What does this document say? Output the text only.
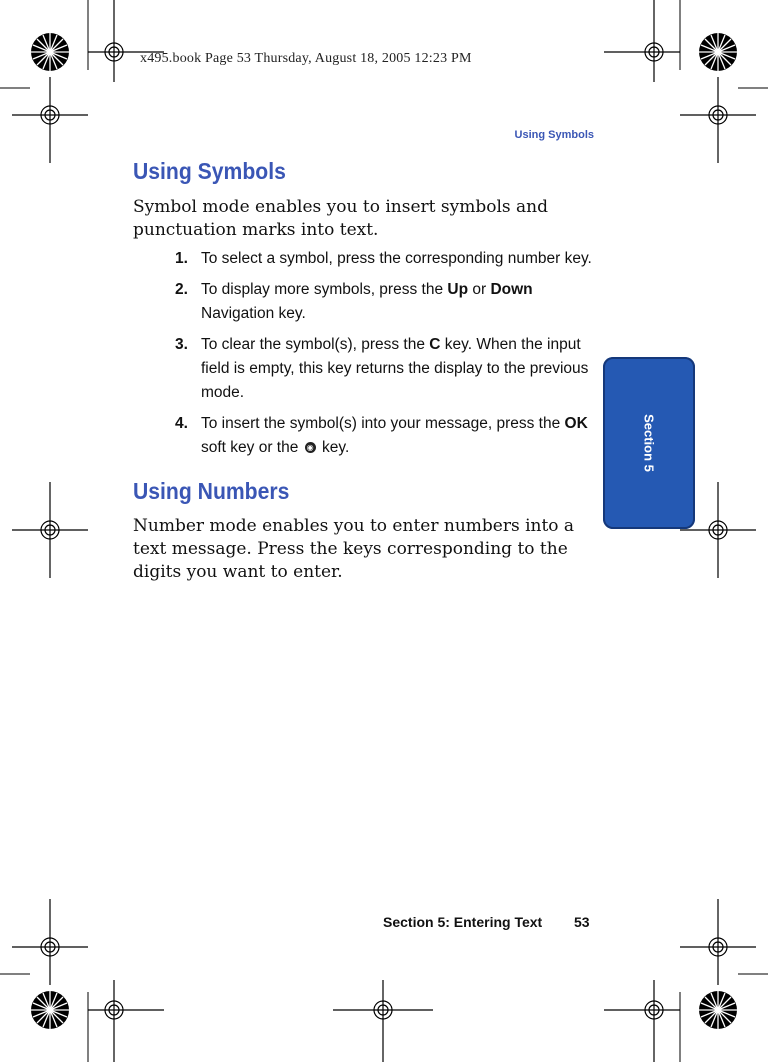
x495.book Page 53 Thursday, August 18, 2005 12:23 PM
Using Symbols
Using Symbols

Symbol mode enables you to insert symbols and punctuation marks into text.

1. To select a symbol, press the corresponding number key.
2. To display more symbols, press the Up or Down Navigation key.
3. To clear the symbol(s), press the C key. When the input field is empty, this key returns the display to the previous mode.
4. To insert the symbol(s) into your message, press the OK soft key or the ◉ key.
Using Numbers

Number mode enables you to enter numbers into a text message. Press the keys corresponding to the digits you want to enter.

Section 5
Section 5: Entering Text 53
